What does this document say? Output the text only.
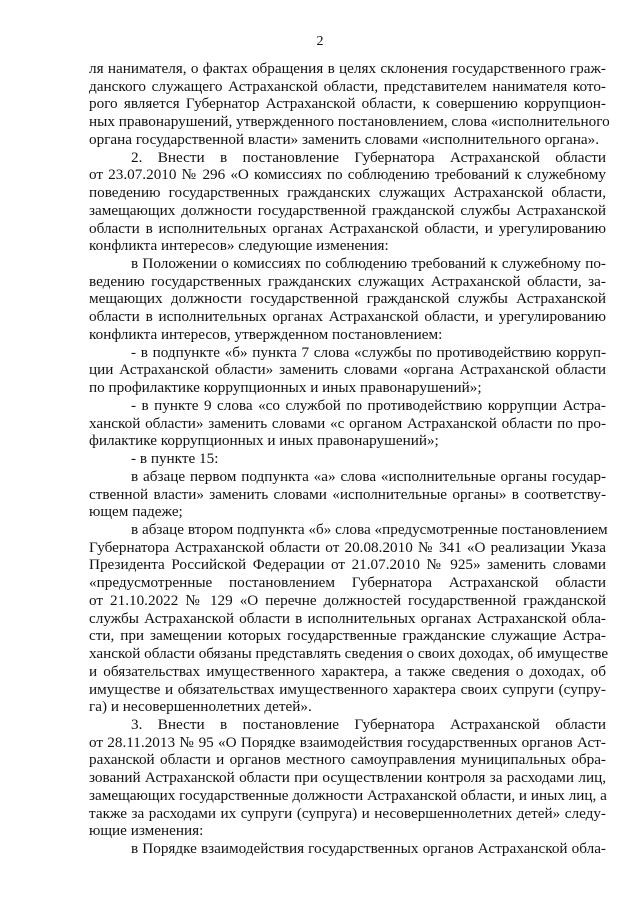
2
ля нанимателя, о фактах обращения в целях склонения государственного граж-
данского служащего Астраханской области, представителем нанимателя кото-
рого является Губернатор Астраханской области, к совершению коррупцион-
ных правонарушений, утвержденного постановлением, слова «исполнительного
органа государственной власти» заменить словами «исполнительного органа».
2. Внести в постановление Губернатора Астраханской области
от 23.07.2010 № 296 «О комиссиях по соблюдению требований к служебному
поведению государственных гражданских служащих Астраханской области,
замещающих должности государственной гражданской службы Астраханской
области в исполнительных органах Астраханской области, и урегулированию
конфликта интересов» следующие изменения:
в Положении о комиссиях по соблюдению требований к служебному по-
ведению государственных гражданских служащих Астраханской области, за-
мещающих должности государственной гражданской службы Астраханской
области в исполнительных органах Астраханской области, и урегулированию
конфликта интересов, утвержденном постановлением:
- в подпункте «б» пункта 7 слова «службы по противодействию корруп-
ции Астраханской области» заменить словами «органа Астраханской области
по профилактике коррупционных и иных правонарушений»;
- в пункте 9 слова «со службой по противодействию коррупции Астра-
ханской области» заменить словами «с органом Астраханской области по про-
филактике коррупционных и иных правонарушений»;
- в пункте 15:
в абзаце первом подпункта «а» слова «исполнительные органы государ-
ственной власти» заменить словами «исполнительные органы» в соответству-
ющем падеже;
в абзаце втором подпункта «б» слова «предусмотренные постановлением
Губернатора Астраханской области от 20.08.2010 № 341 «О реализации Указа
Президента Российской Федерации от 21.07.2010 № 925» заменить словами
«предусмотренные постановлением Губернатора Астраханской области
от 21.10.2022 № 129 «О перечне должностей государственной гражданской
службы Астраханской области в исполнительных органах Астраханской обла-
сти, при замещении которых государственные гражданские служащие Астра-
ханской области обязаны представлять сведения о своих доходах, об имуществе
и обязательствах имущественного характера, а также сведения о доходах, об
имуществе и обязательствах имущественного характера своих супруги (супру-
га) и несовершеннолетних детей».
3. Внести в постановление Губернатора Астраханской области
от 28.11.2013 № 95 «О Порядке взаимодействия государственных органов Аст-
раханской области и органов местного самоуправления муниципальных обра-
зований Астраханской области при осуществлении контроля за расходами лиц,
замещающих государственные должности Астраханской области, и иных лиц, а
также за расходами их супруги (супруга) и несовершеннолетних детей» следу-
ющие изменения:
в Порядке взаимодействия государственных органов Астраханской обла-
